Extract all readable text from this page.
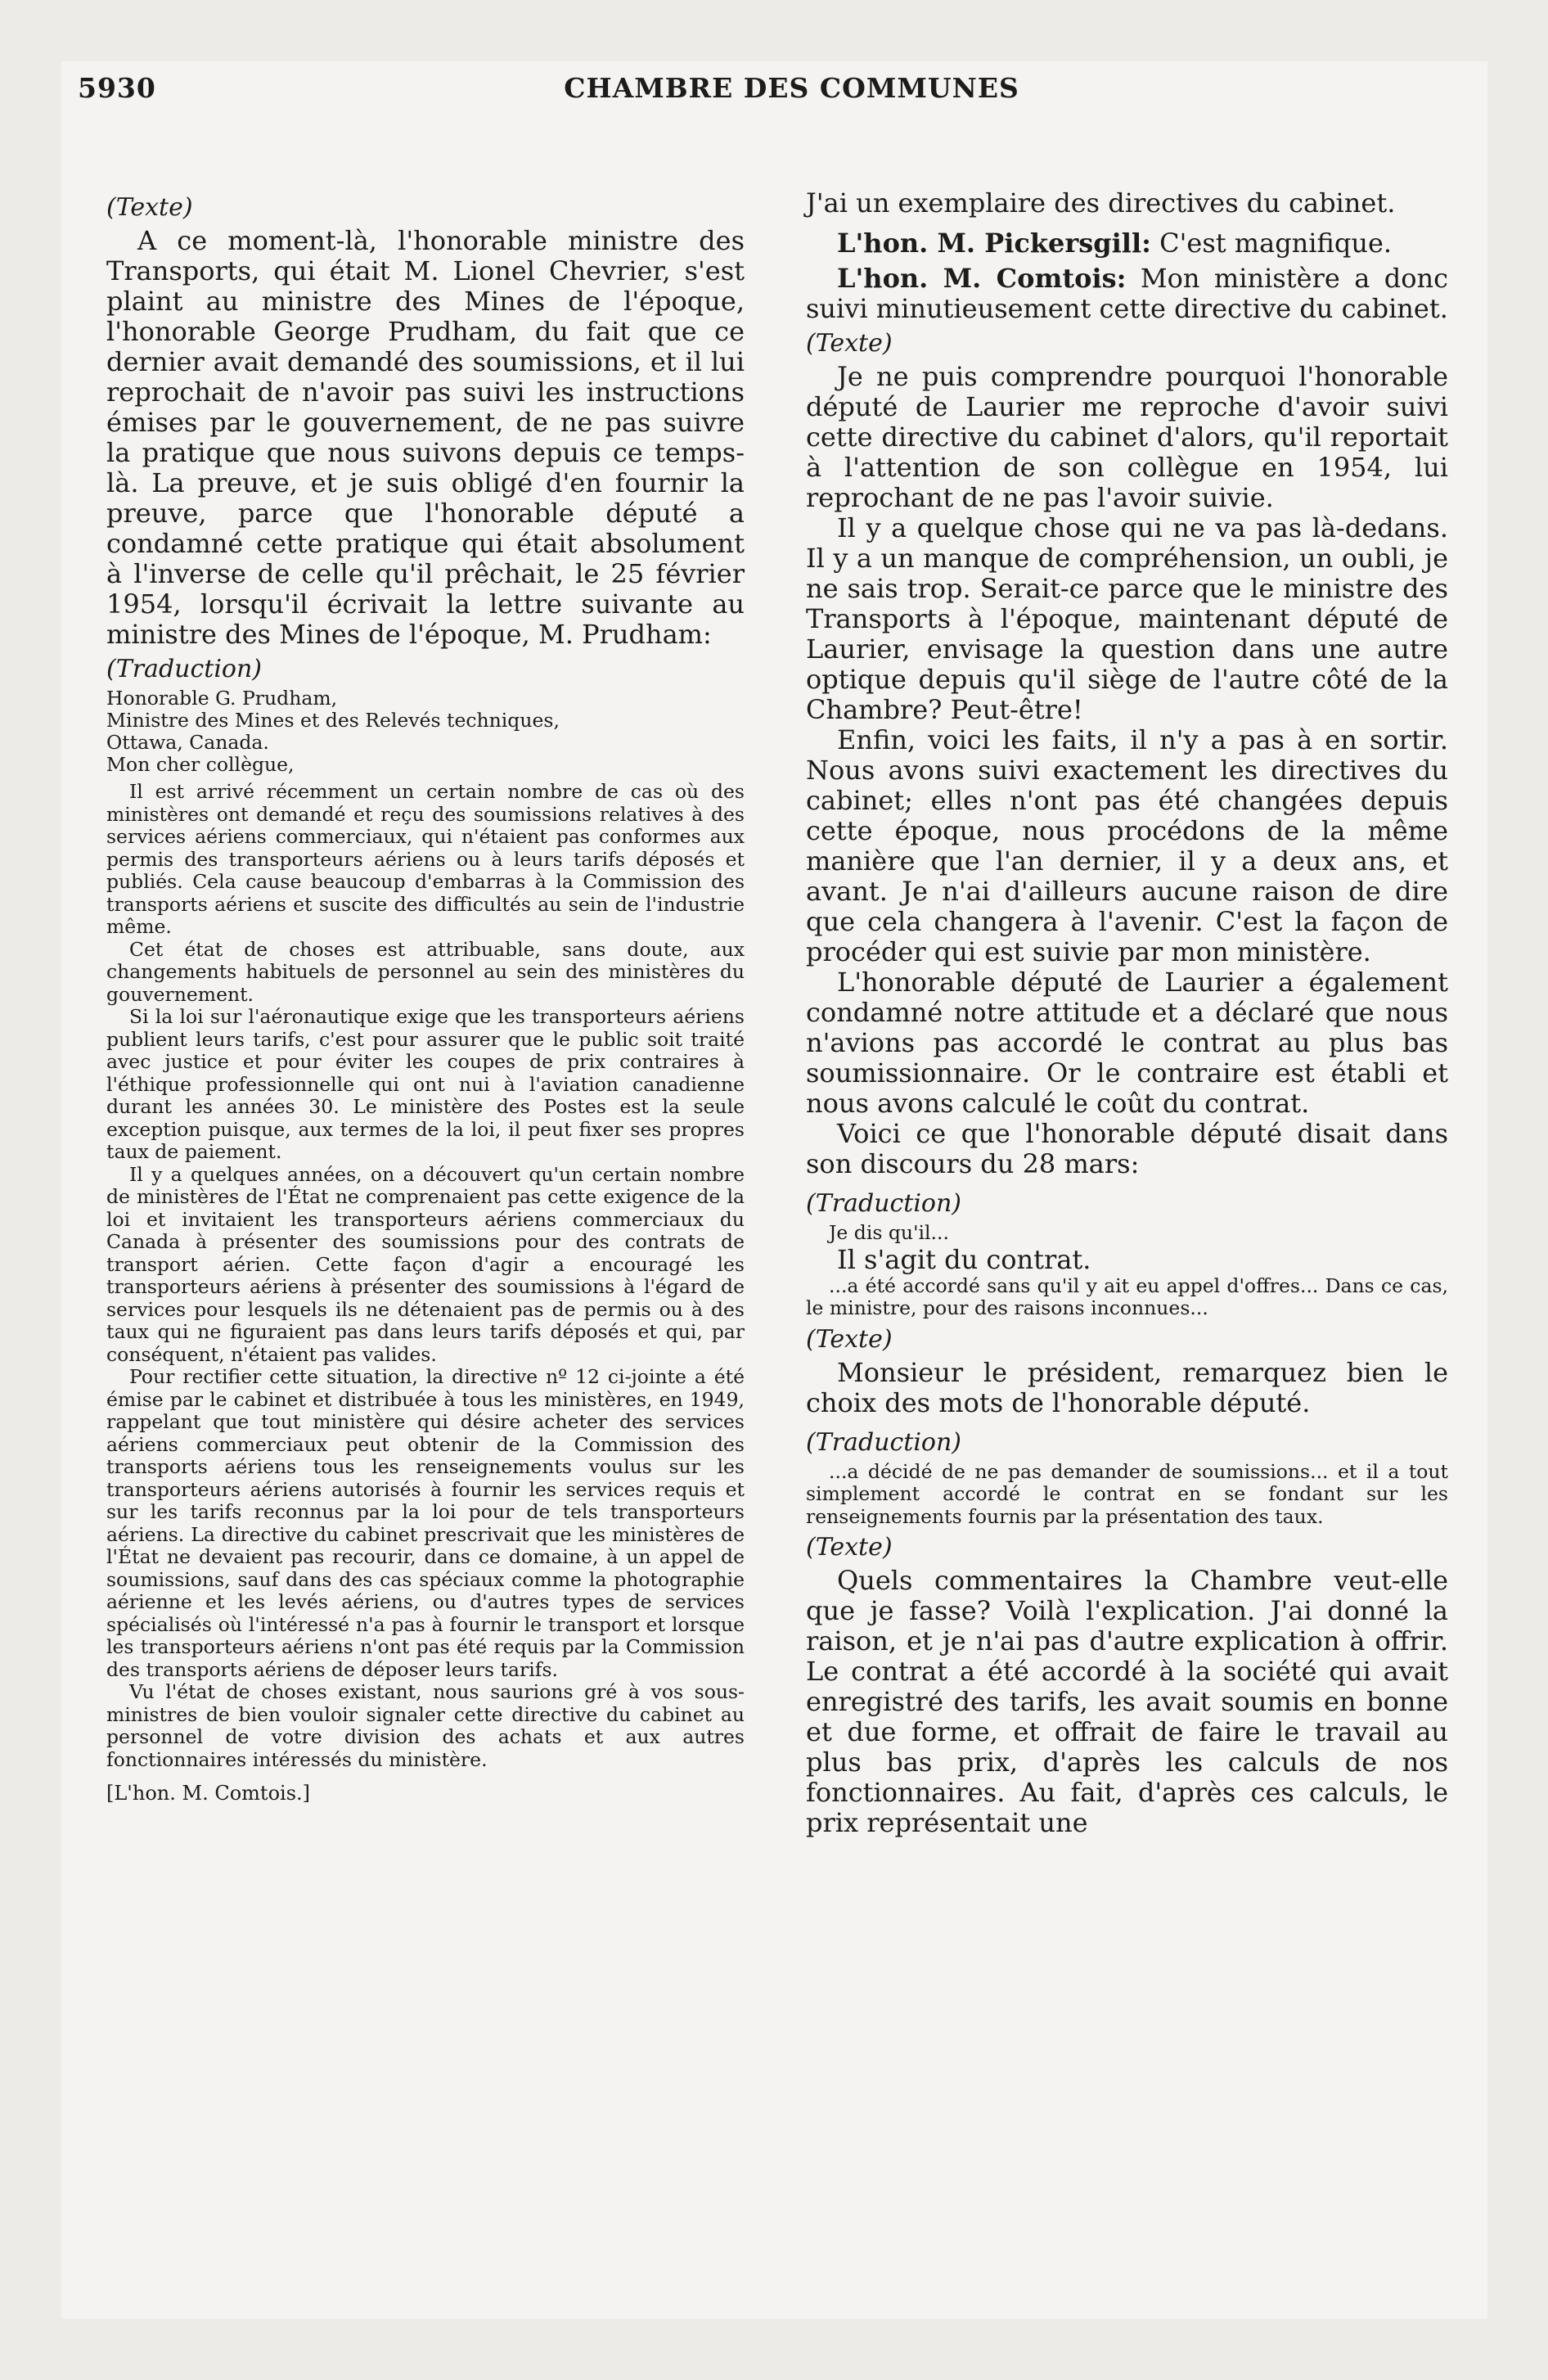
5930	CHAMBRE DES COMMUNES
(Texte)

A ce moment-là, l'honorable ministre des Transports, qui était M. Lionel Chevrier, s'est plaint au ministre des Mines de l'époque, l'honorable George Prudham, du fait que ce dernier avait demandé des soumissions, et il lui reprochait de n'avoir pas suivi les instructions émises par le gouvernement, de ne pas suivre la pratique que nous suivons depuis ce temps-là. La preuve, et je suis obligé d'en fournir la preuve, parce que l'honorable député a condamné cette pratique qui était absolument à l'inverse de celle qu'il prêchait, le 25 février 1954, lorsqu'il écrivait la lettre suivante au ministre des Mines de l'époque, M. Prudham:

(Traduction)
Honorable G. Prudham,
Ministre des Mines et des Relevés techniques,
Ottawa, Canada.
Mon cher collègue,

Il est arrivé récemment un certain nombre de cas où des ministères ont demandé et reçu des soumissions relatives à des services aériens commerciaux, qui n'étaient pas conformes aux permis des transporteurs aériens ou à leurs tarifs déposés et publiés. Cela cause beaucoup d'embarras à la Commission des transports aériens et suscite des difficultés au sein de l'industrie même.

Cet état de choses est attribuable, sans doute, aux changements habituels de personnel au sein des ministères du gouvernement.

Si la loi sur l'aéronautique exige que les transporteurs aériens publient leurs tarifs, c'est pour assurer que le public soit traité avec justice et pour éviter les coupes de prix contraires à l'éthique professionnelle qui ont nui à l'aviation canadienne durant les années 30. Le ministère des Postes est la seule exception puisque, aux termes de la loi, il peut fixer ses propres taux de paiement.

Il y a quelques années, on a découvert qu'un certain nombre de ministères de l'État ne comprenaient pas cette exigence de la loi et invitaient les transporteurs aériens commerciaux du Canada à présenter des soumissions pour des contrats de transport aérien. Cette façon d'agir a encouragé les transporteurs aériens à présenter des soumissions à l'égard de services pour lesquels ils ne détenaient pas de permis ou à des taux qui ne figuraient pas dans leurs tarifs déposés et qui, par conséquent, n'étaient pas valides.

Pour rectifier cette situation, la directive nº 12 ci-jointe a été émise par le cabinet et distribuée à tous les ministères, en 1949, rappelant que tout ministère qui désire acheter des services aériens commerciaux peut obtenir de la Commission des transports aériens tous les renseignements voulus sur les transporteurs aériens autorisés à fournir les services requis et sur les tarifs reconnus par la loi pour de tels transporteurs aériens. La directive du cabinet prescrivait que les ministères de l'État ne devaient pas recourir, dans ce domaine, à un appel de soumissions, sauf dans des cas spéciaux comme la photographie aérienne et les levés aériens, ou d'autres types de services spécialisés où l'intéressé n'a pas à fournir le transport et lorsque les transporteurs aériens n'ont pas été requis par la Commission des transports aériens de déposer leurs tarifs.

Vu l'état de choses existant, nous saurions gré à vos sous-ministres de bien vouloir signaler cette directive du cabinet au personnel de votre division des achats et aux autres fonctionnaires intéressés du ministère.

[L'hon. M. Comtois.]

J'ai un exemplaire des directives du cabinet.

L'hon. M. Pickersgill: C'est magnifique.

L'hon. M. Comtois: Mon ministère a donc suivi minutieusement cette directive du cabinet.

(Texte)

Je ne puis comprendre pourquoi l'honorable député de Laurier me reproche d'avoir suivi cette directive du cabinet d'alors, qu'il reportait à l'attention de son collègue en 1954, lui reprochant de ne pas l'avoir suivie.

Il y a quelque chose qui ne va pas là-dedans. Il y a un manque de compréhension, un oubli, je ne sais trop. Serait-ce parce que le ministre des Transports à l'époque, maintenant député de Laurier, envisage la question dans une autre optique depuis qu'il siège de l'autre côté de la Chambre? Peut-être!

Enfin, voici les faits, il n'y a pas à en sortir. Nous avons suivi exactement les directives du cabinet; elles n'ont pas été changées depuis cette époque, nous procédons de la même manière que l'an dernier, il y a deux ans, et avant. Je n'ai d'ailleurs aucune raison de dire que cela changera à l'avenir. C'est la façon de procéder qui est suivie par mon ministère.

L'honorable député de Laurier a également condamné notre attitude et a déclaré que nous n'avions pas accordé le contrat au plus bas soumissionnaire. Or le contraire est établi et nous avons calculé le coût du contrat.

Voici ce que l'honorable député disait dans son discours du 28 mars:

(Traduction)

Je dis qu'il...

Il s'agit du contrat.

...a été accordé sans qu'il y ait eu appel d'offres... Dans ce cas, le ministre, pour des raisons inconnues...

(Texte)

Monsieur le président, remarquez bien le choix des mots de l'honorable député.

(Traduction)

...a décidé de ne pas demander de soumissions... et il a tout simplement accordé le contrat en se fondant sur les renseignements fournis par la présentation des taux.

(Texte)

Quels commentaires la Chambre veut-elle que je fasse? Voilà l'explication. J'ai donné la raison, et je n'ai pas d'autre explication à offrir. Le contrat a été accordé à la société qui avait enregistré des tarifs, les avait soumis en bonne et due forme, et offrait de faire le travail au plus bas prix, d'après les calculs de nos fonctionnaires. Au fait, d'après ces calculs, le prix représentait une
